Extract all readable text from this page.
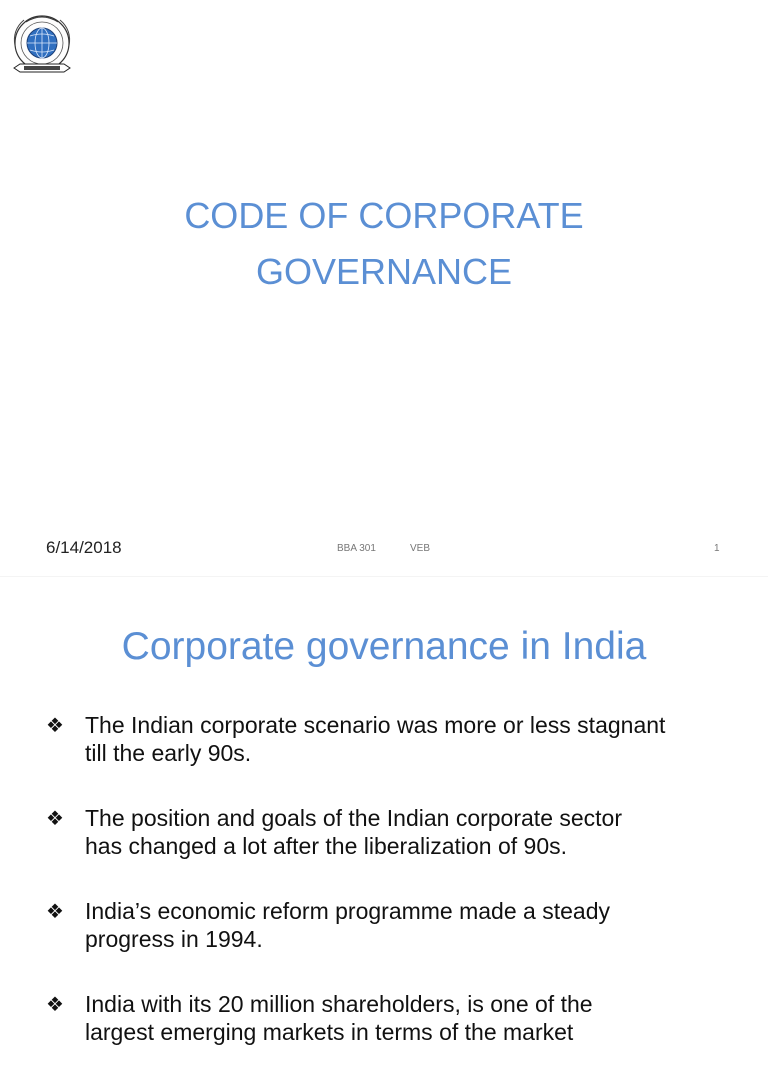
CODE OF CORPORATE
GOVERNANCE
6/14/2018	BBA 301	VEB	1
Corporate governance in India
❖ The Indian corporate scenario was more or less stagnant
till the early 90s.
❖ The position and goals of the Indian corporate sector
has changed a lot after the liberalization of 90s.
❖ India’s economic reform programme made a steady
progress in 1994.
❖ India with its 20 million shareholders, is one of the
largest emerging markets in terms of the market
